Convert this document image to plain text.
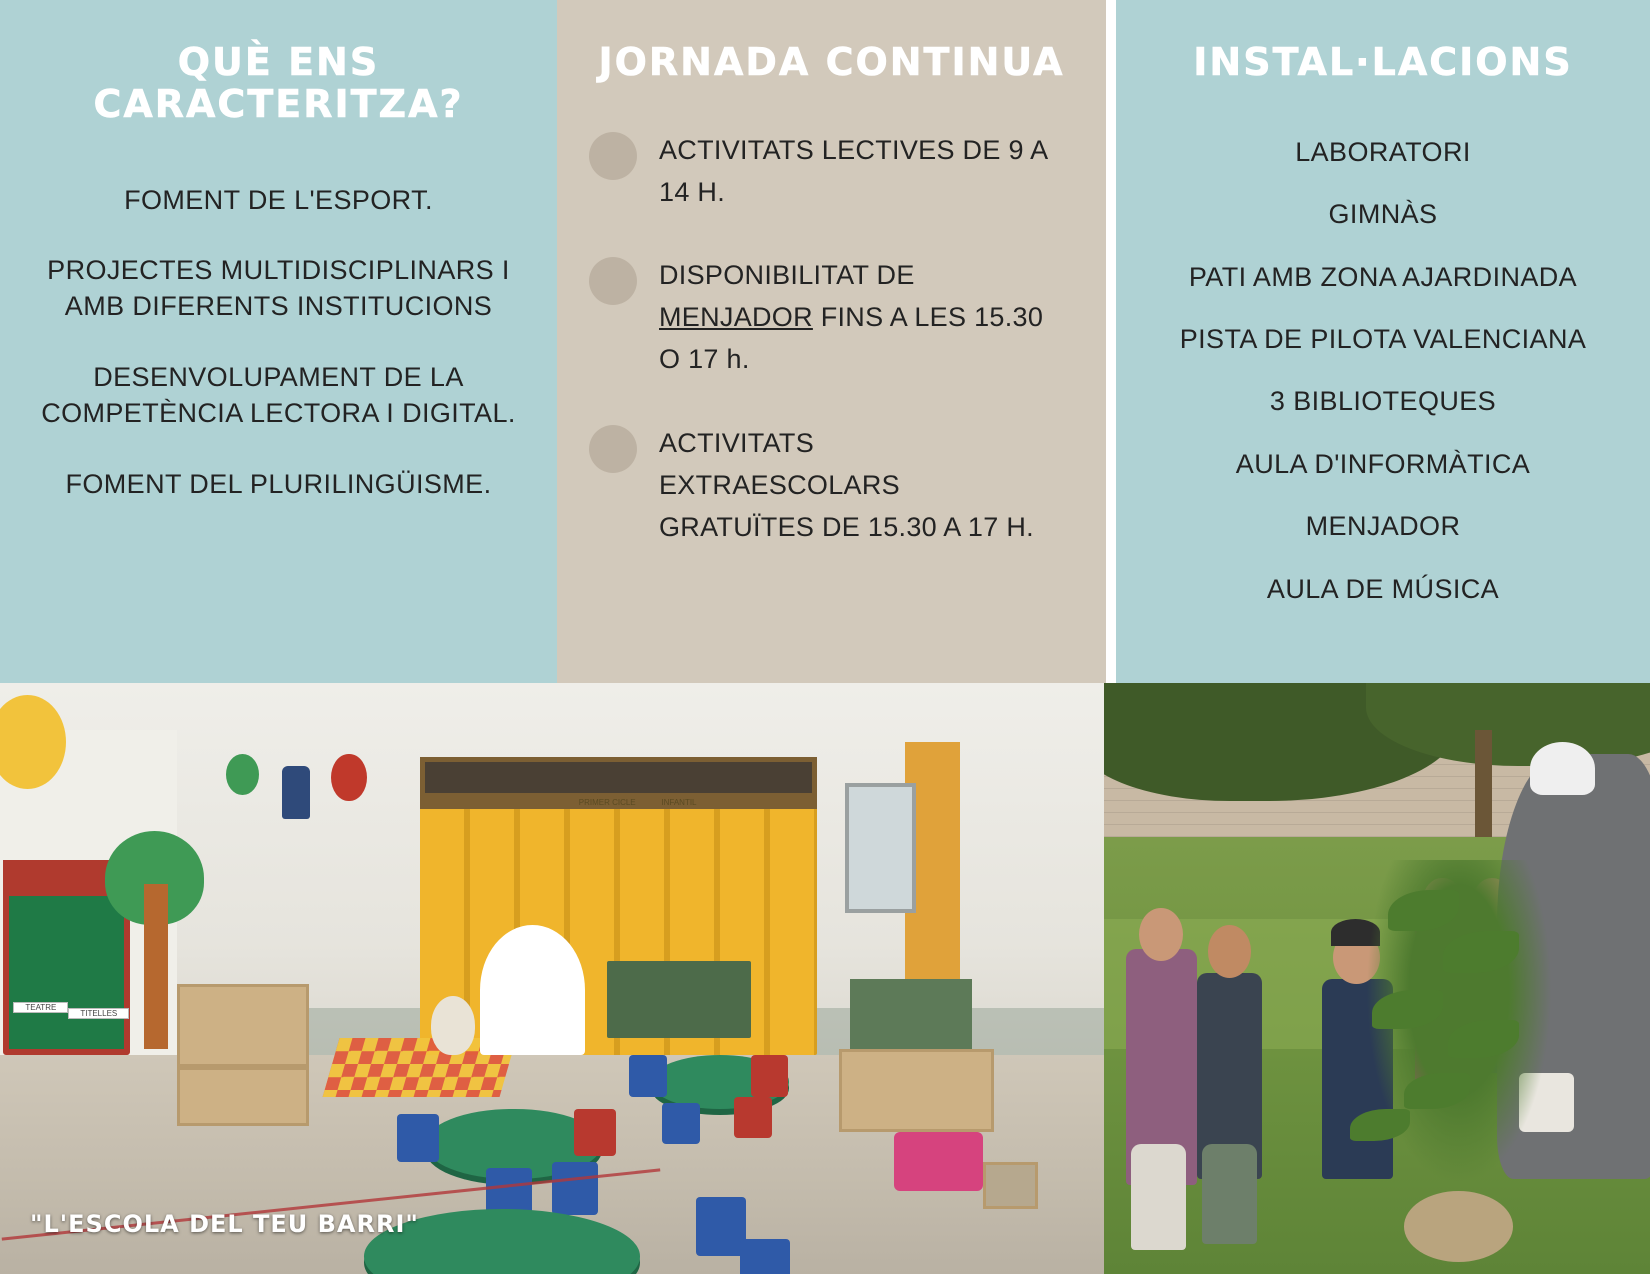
QUÈ ENS CARACTERITZA?
FOMENT DE L'ESPORT.
PROJECTES MULTIDISCIPLINARS I AMB DIFERENTS INSTITUCIONS
DESENVOLUPAMENT DE LA COMPETÈNCIA LECTORA I DIGITAL.
FOMENT DEL PLURILINGÜISME.
JORNADA CONTINUA
ACTIVITATS LECTIVES DE 9 A 14 H.
DISPONIBILITAT DE MENJADOR FINS A LES 15.30 O 17 h.
ACTIVITATS EXTRAESCOLARS GRATUÏTES DE 15.30 A 17 H.
INSTAL·LACIONS
LABORATORI
GIMNÀS
PATI AMB ZONA AJARDINADA
PISTA DE PILOTA VALENCIANA
3 BIBLIOTEQUES
AULA D'INFORMÀTICA
MENJADOR
AULA DE MÚSICA
TEATRE
TITELLES
PRIMER CICLE	INFANTIL
"L'ESCOLA DEL TEU BARRI"
